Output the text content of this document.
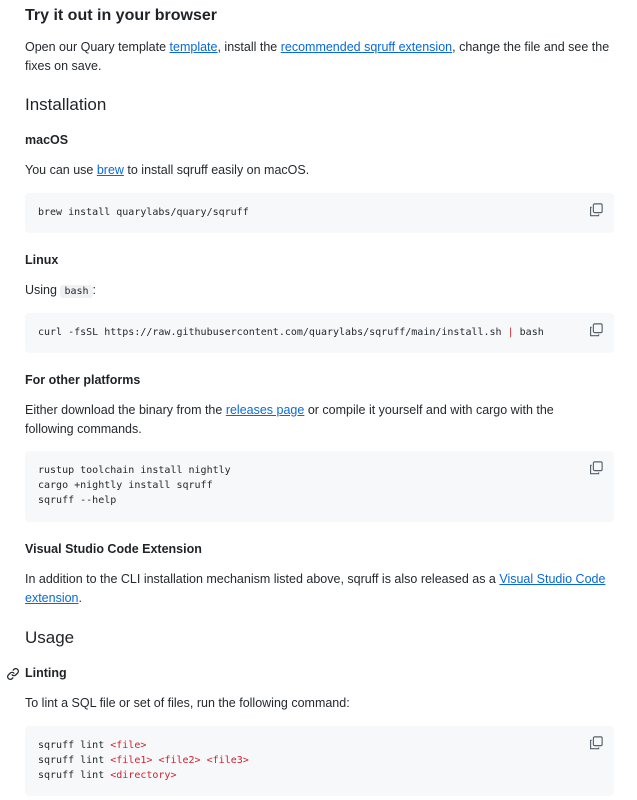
Try it out in your browser
Open our Quary template template, install the recommended sqruff extension, change the file and see the
fixes on save.
Installation
macOS
You can use brew to install sqruff easily on macOS.
brew install quarylabs/quary/sqruff
Linux
Using bash :
curl -fsSL https://raw.githubusercontent.com/quarylabs/sqruff/main/install.sh | bash
For other platforms
Either download the binary from the releases page or compile it yourself and with cargo with the
following commands.
rustup toolchain install nightly
cargo +nightly install sqruff
sqruff --help
Visual Studio Code Extension
In addition to the CLI installation mechanism listed above, sqruff is also released as a Visual Studio Code
extension.
Usage
Linting
To lint a SQL file or set of files, run the following command:
sqruff lint <file>
sqruff lint <file1> <file2> <file3>
sqruff lint <directory>
